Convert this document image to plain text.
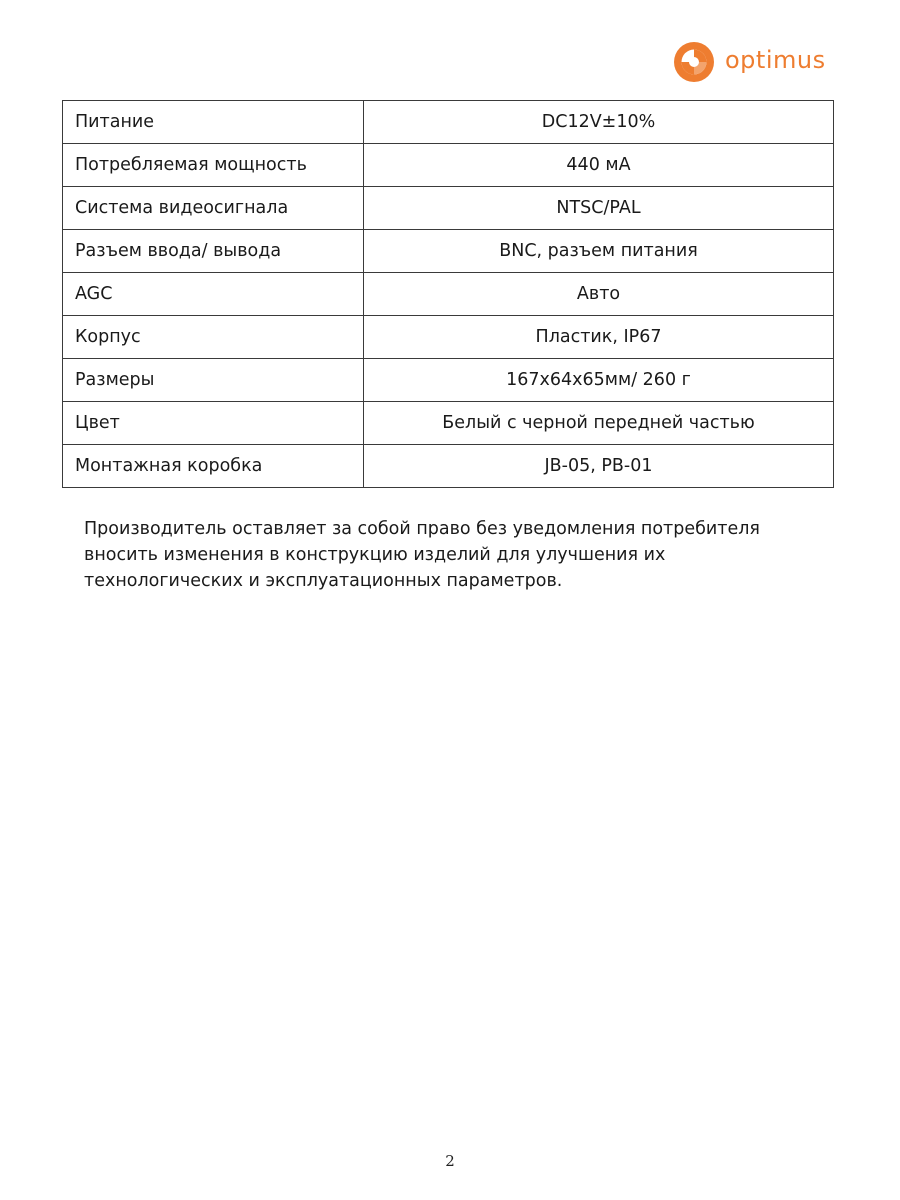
optimus
Питание	DC12V±10%
Потребляемая мощность	440 мА
Система видеосигнала	NTSC/PAL
Разъем ввода/ вывода	BNC, разъем питания
AGC	Авто
Корпус	Пластик, IP67
Размеры	167x64x65мм/ 260 г
Цвет	Белый с черной передней частью
Монтажная коробка	JB-05, PB-01

Производитель оставляет за собой право без уведомления потребителя
вносить изменения в конструкцию изделий для улучшения их
технологических и эксплуатационных параметров.

2
